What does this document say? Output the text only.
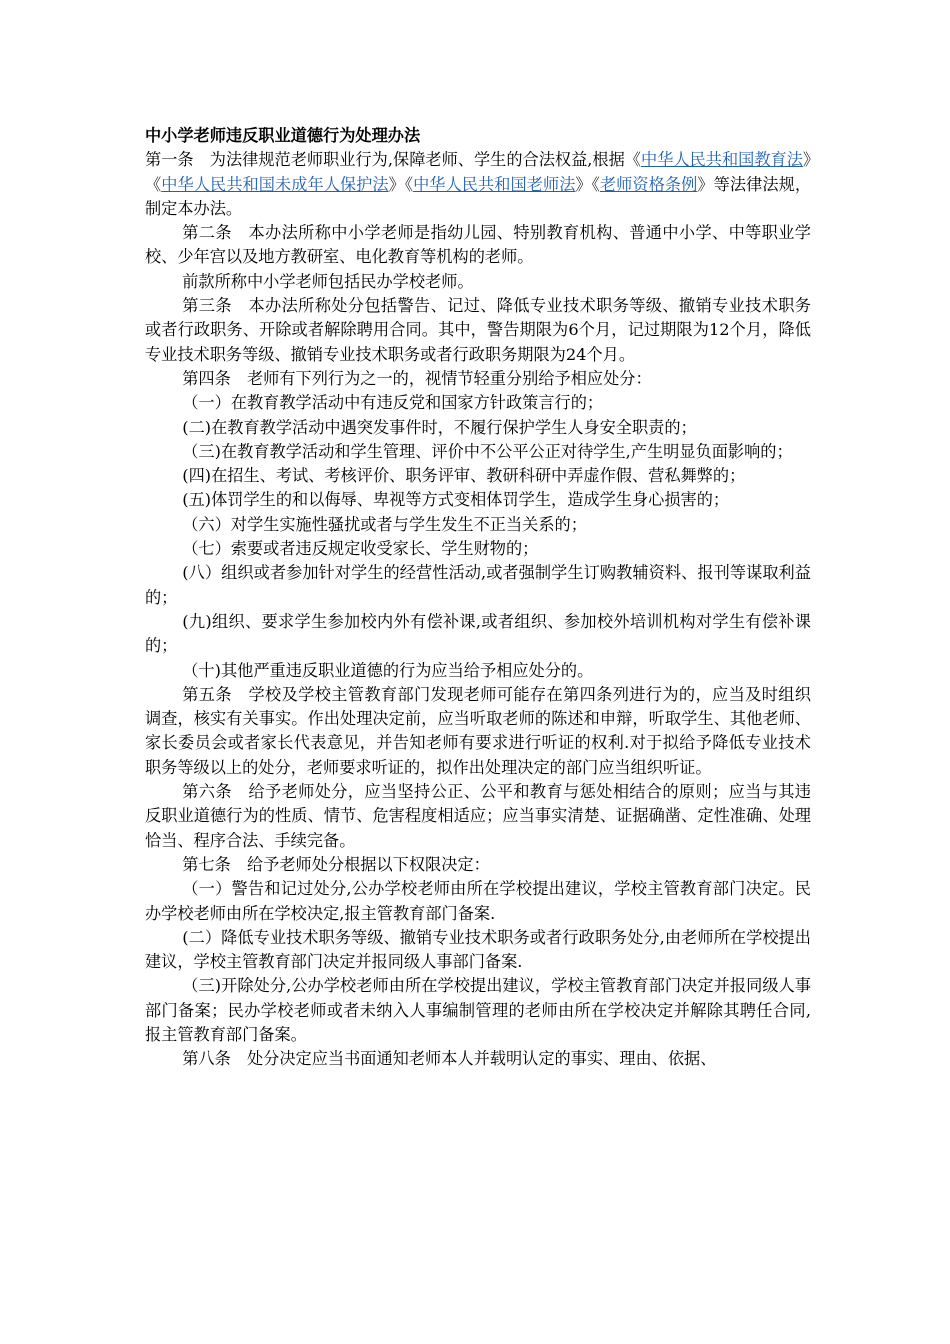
中小学老师违反职业道德行为处理办法

第一条　为法律规范老师职业行为,保障老师、学生的合法权益,根据《中华人民共和国教育法》《中华人民共和国未成年人保护法》《中华人民共和国老师法》《老师资格条例》等法律法规，制定本办法。

第二条　本办法所称中小学老师是指幼儿园、特别教育机构、普通中小学、中等职业学校、少年宫以及地方教研室、电化教育等机构的老师。

前款所称中小学老师包括民办学校老师。

第三条　本办法所称处分包括警告、记过、降低专业技术职务等级、撤销专业技术职务或者行政职务、开除或者解除聘用合同。其中，警告期限为6个月，记过期限为12个月，降低专业技术职务等级、撤销专业技术职务或者行政职务期限为24个月。

第四条　老师有下列行为之一的，视情节轻重分别给予相应处分：

（一）在教育教学活动中有违反党和国家方针政策言行的；

(二)在教育教学活动中遇突发事件时，不履行保护学生人身安全职责的；

（三)在教育教学活动和学生管理、评价中不公平公正对待学生,产生明显负面影响的；

(四)在招生、考试、考核评价、职务评审、教研科研中弄虚作假、营私舞弊的；

(五)体罚学生的和以侮辱、卑视等方式变相体罚学生，造成学生身心损害的；

（六）对学生实施性骚扰或者与学生发生不正当关系的；

（七）索要或者违反规定收受家长、学生财物的；

(八）组织或者参加针对学生的经营性活动,或者强制学生订购教辅资料、报刊等谋取利益的；

(九)组织、要求学生参加校内外有偿补课,或者组织、参加校外培训机构对学生有偿补课的；

（十)其他严重违反职业道德的行为应当给予相应处分的。

第五条　学校及学校主管教育部门发现老师可能存在第四条列进行为的，应当及时组织调查，核实有关事实。作出处理决定前，应当听取老师的陈述和申辩，听取学生、其他老师、家长委员会或者家长代表意见，并告知老师有要求进行听证的权利.对于拟给予降低专业技术职务等级以上的处分，老师要求听证的，拟作出处理决定的部门应当组织听证。

第六条　给予老师处分，应当坚持公正、公平和教育与惩处相结合的原则；应当与其违反职业道德行为的性质、情节、危害程度相适应；应当事实清楚、证据确凿、定性准确、处理恰当、程序合法、手续完备。

第七条　给予老师处分根据以下权限决定：

（一）警告和记过处分,公办学校老师由所在学校提出建议，学校主管教育部门决定。民办学校老师由所在学校决定,报主管教育部门备案.

(二）降低专业技术职务等级、撤销专业技术职务或者行政职务处分,由老师所在学校提出建议，学校主管教育部门决定并报同级人事部门备案.

（三)开除处分,公办学校老师由所在学校提出建议，学校主管教育部门决定并报同级人事部门备案；民办学校老师或者未纳入人事编制管理的老师由所在学校决定并解除其聘任合同,报主管教育部门备案。

第八条　处分决定应当书面通知老师本人并载明认定的事实、理由、依据、
